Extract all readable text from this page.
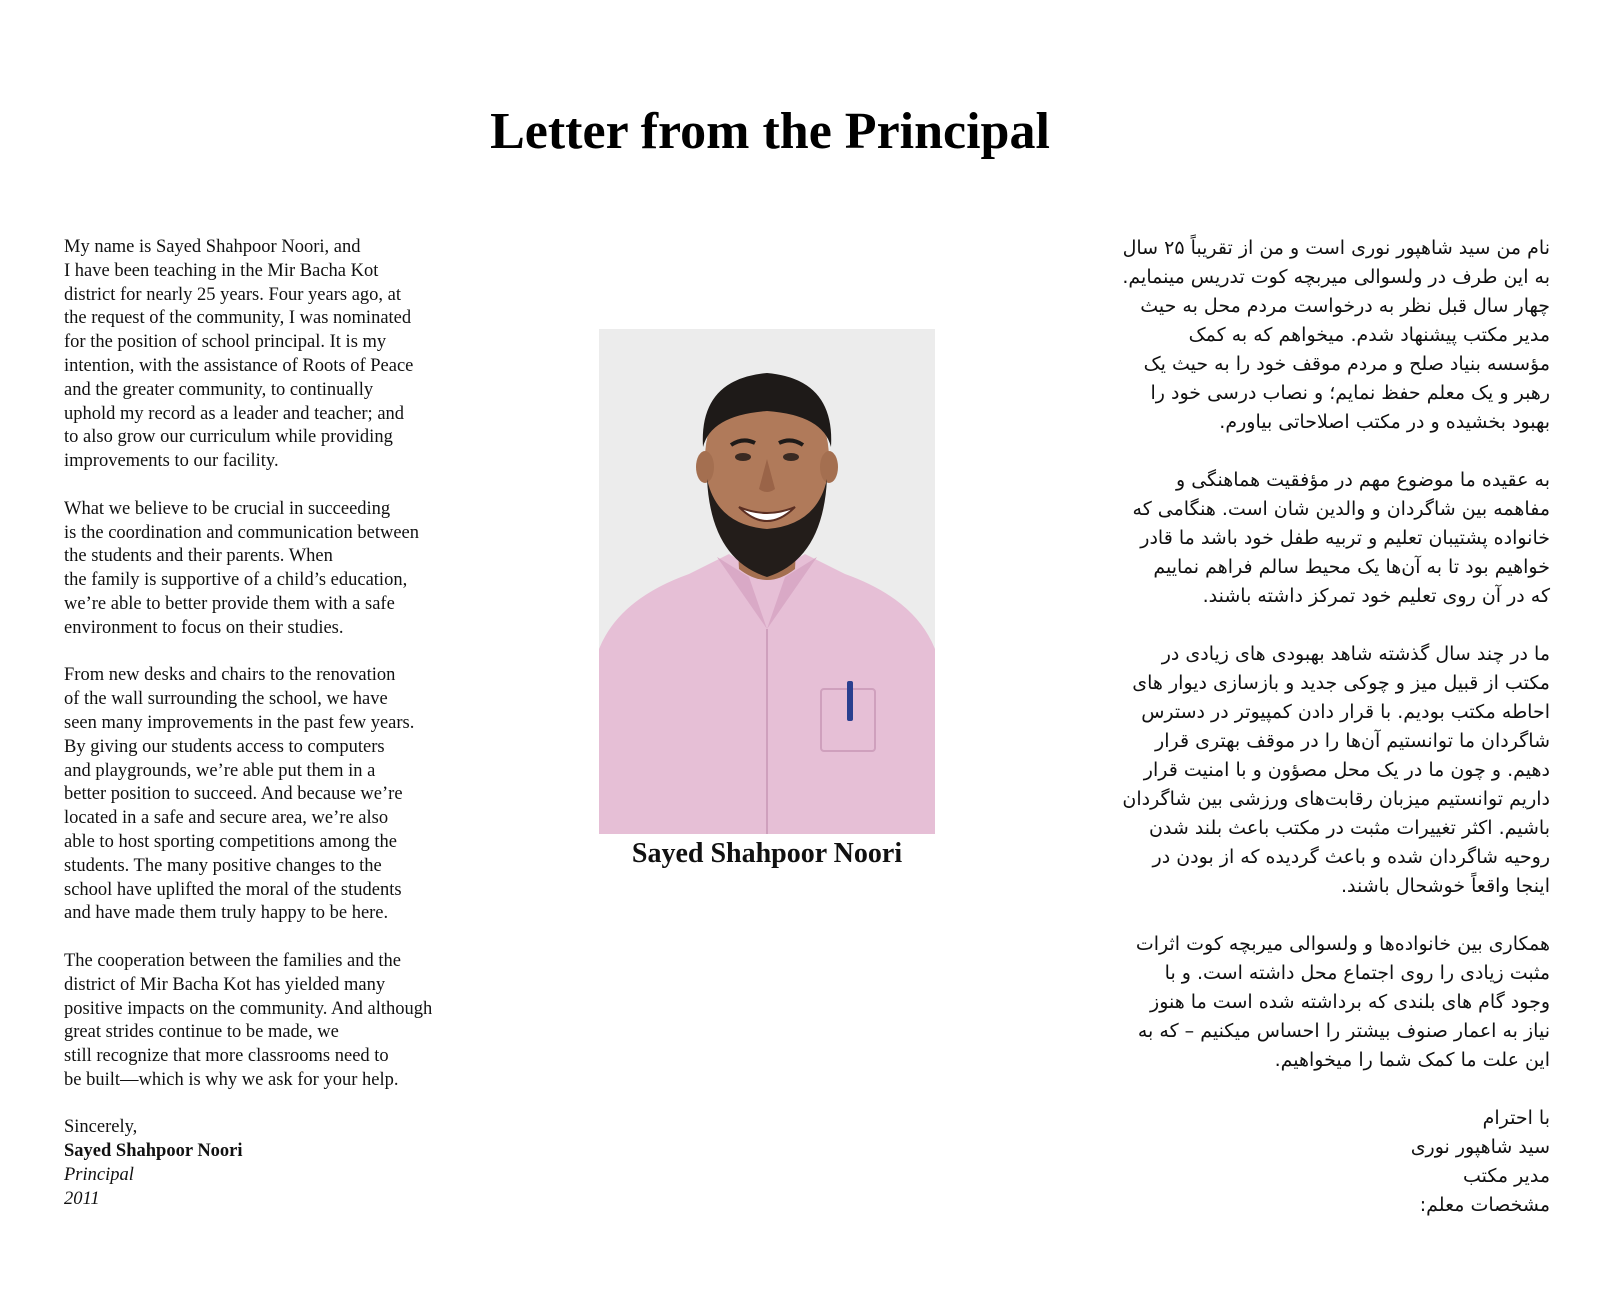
Letter from the Principal

My name is Sayed Shahpoor Noori, and
I have been teaching in the Mir Bacha Kot
district for nearly 25 years. Four years ago, at
the request of the community, I was nominated
for the position of school principal. It is my
intention, with the assistance of Roots of Peace
and the greater community, to continually
uphold my record as a leader and teacher; and
to also grow our curriculum while providing
improvements to our facility.

What we believe to be crucial in succeeding
is the coordination and communication between
the students and their parents. When
the family is supportive of a child’s education,
we’re able to better provide them with a safe
environment to focus on their studies.

From new desks and chairs to the renovation
of the wall surrounding the school, we have
seen many improvements in the past few years.
By giving our students access to computers
and playgrounds, we’re able put them in a
better position to succeed. And because we’re
located in a safe and secure area, we’re also
able to host sporting competitions among the
students. The many positive changes to the
school have uplifted the moral of the students
and have made them truly happy to be here.

The cooperation between the families and the
district of Mir Bacha Kot has yielded many
positive impacts on the community. And although
great strides continue to be made, we
still recognize that more classrooms need to
be built—which is why we ask for your help.

Sincerely,
Sayed Shahpoor Noori
Principal
2011
Sayed Shahpoor Noori

نام من سید شاهپور نوری است و من از تقریباً ۲۵ سال
به این طرف در ولسوالی میربچه کوت تدریس مینمایم.
چهار سال قبل نظر به درخواست مردم محل به حیث
مدیر مکتب پیشنهاد شدم. میخواهم که به کمک
مؤسسه بنیاد صلح و مردم موقف خود را به حیث یک
رهبر و یک معلم حفظ نمایم؛ و نصاب درسی خود را
بهبود بخشیده و در مکتب اصلاحاتی بیاورم.

به عقیده ما موضوع مهم در مؤفقیت هماهنگی و
مفاهمه بین شاگردان و والدین شان است. هنگامی که
خانواده پشتیبان تعلیم و تربیه طفل خود باشد ما قادر
خواهیم بود تا به آن‌ها یک محیط سالم فراهم نماییم
که در آن روی تعلیم خود تمرکز داشته باشند.

ما در چند سال گذشته شاهد بهبودی های زیادی در
مکتب از قبیل میز و چوکی جدید و بازسازی دیوار های
احاطه مکتب بودیم. با قرار دادن کمپیوتر در دسترس
شاگردان ما توانستیم آن‌ها را در موقف بهتری قرار
دهیم. و چون ما در یک محل مصؤون و با امنیت قرار
داریم توانستیم میزبان رقابت‌های ورزشی بین شاگردان
باشیم. اکثر تغییرات مثبت در مکتب باعث بلند شدن
روحیه شاگردان شده و باعث گردیده که از بودن در
اینجا واقعاً خوشحال باشند.

همکاری بین خانواده‌ها و ولسوالی میربچه کوت اثرات
مثبت زیادی را روی اجتماع محل داشته است. و با
وجود گام های بلندی که برداشته شده است ما هنوز
نیاز به اعمار صنوف بیشتر را احساس میکنیم – که به
این علت ما کمک شما را میخواهیم.

با احترام
سید شاهپور نوری
مدیر مکتب
مشخصات معلم:
